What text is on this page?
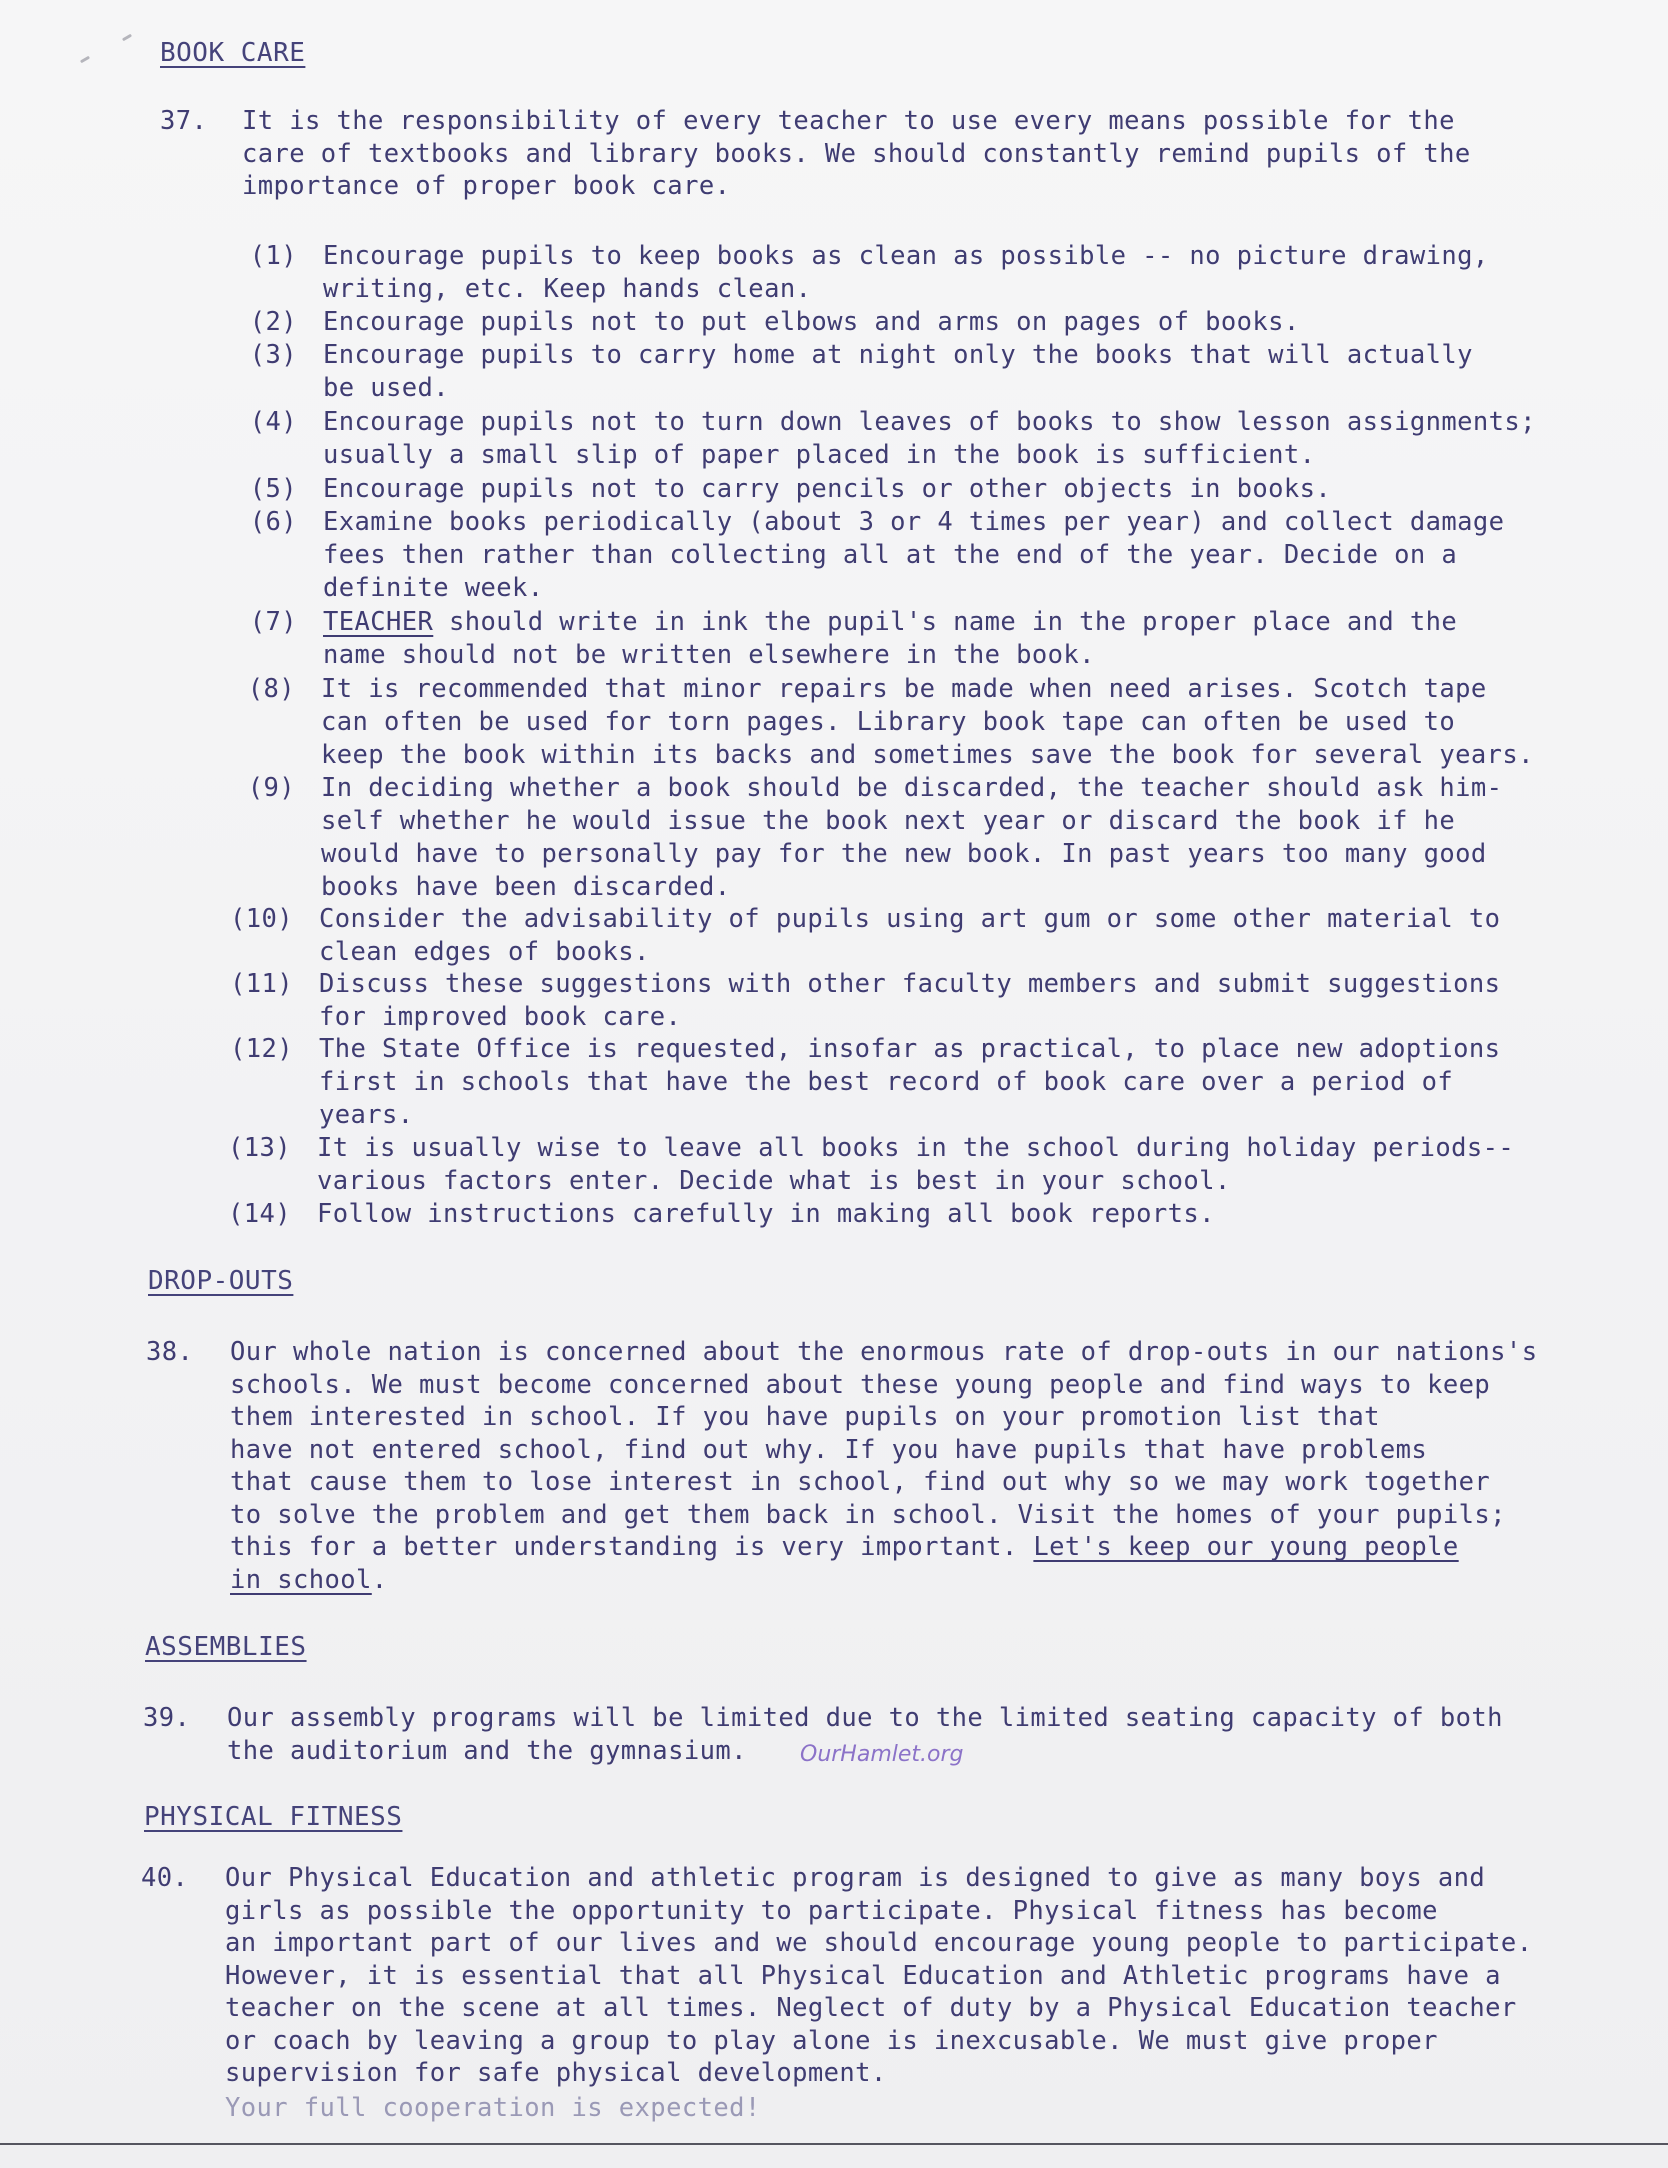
BOOK CARE
37. It is the responsibility of every teacher to use every means possible for the
care of textbooks and library books. We should constantly remind pupils of the
importance of proper book care.
(1) Encourage pupils to keep books as clean as possible -- no picture drawing,
writing, etc. Keep hands clean.
(2) Encourage pupils not to put elbows and arms on pages of books.
(3) Encourage pupils to carry home at night only the books that will actually
be used.
(4) Encourage pupils not to turn down leaves of books to show lesson assignments;
usually a small slip of paper placed in the book is sufficient.
(5) Encourage pupils not to carry pencils or other objects in books.
(6) Examine books periodically (about 3 or 4 times per year) and collect damage
fees then rather than collecting all at the end of the year. Decide on a
definite week.
(7) TEACHER should write in ink the pupil's name in the proper place and the
name should not be written elsewhere in the book.
(8) It is recommended that minor repairs be made when need arises. Scotch tape
can often be used for torn pages. Library book tape can often be used to
keep the book within its backs and sometimes save the book for several years.
(9) In deciding whether a book should be discarded, the teacher should ask him-
self whether he would issue the book next year or discard the book if he
would have to personally pay for the new book. In past years too many good
books have been discarded.
(10) Consider the advisability of pupils using art gum or some other material to
clean edges of books.
(11) Discuss these suggestions with other faculty members and submit suggestions
for improved book care.
(12) The State Office is requested, insofar as practical, to place new adoptions
first in schools that have the best record of book care over a period of
years.
(13) It is usually wise to leave all books in the school during holiday periods--
various factors enter. Decide what is best in your school.
(14) Follow instructions carefully in making all book reports.
DROP-OUTS
38. Our whole nation is concerned about the enormous rate of drop-outs in our nations's
schools. We must become concerned about these young people and find ways to keep
them interested in school. If you have pupils on your promotion list that
have not entered school, find out why. If you have pupils that have problems
that cause them to lose interest in school, find out why so we may work together
to solve the problem and get them back in school. Visit the homes of your pupils;
this for a better understanding is very important. Let's keep our young people
in school.
ASSEMBLIES
39. Our assembly programs will be limited due to the limited seating capacity of both
the auditorium and the gymnasium.	OurHamlet.org
PHYSICAL FITNESS
40. Our Physical Education and athletic program is designed to give as many boys and
girls as possible the opportunity to participate. Physical fitness has become
an important part of our lives and we should encourage young people to participate.
However, it is essential that all Physical Education and Athletic programs have a
teacher on the scene at all times. Neglect of duty by a Physical Education teacher
or coach by leaving a group to play alone is inexcusable. We must give proper
supervision for safe physical development.
Your full cooperation is expected!
